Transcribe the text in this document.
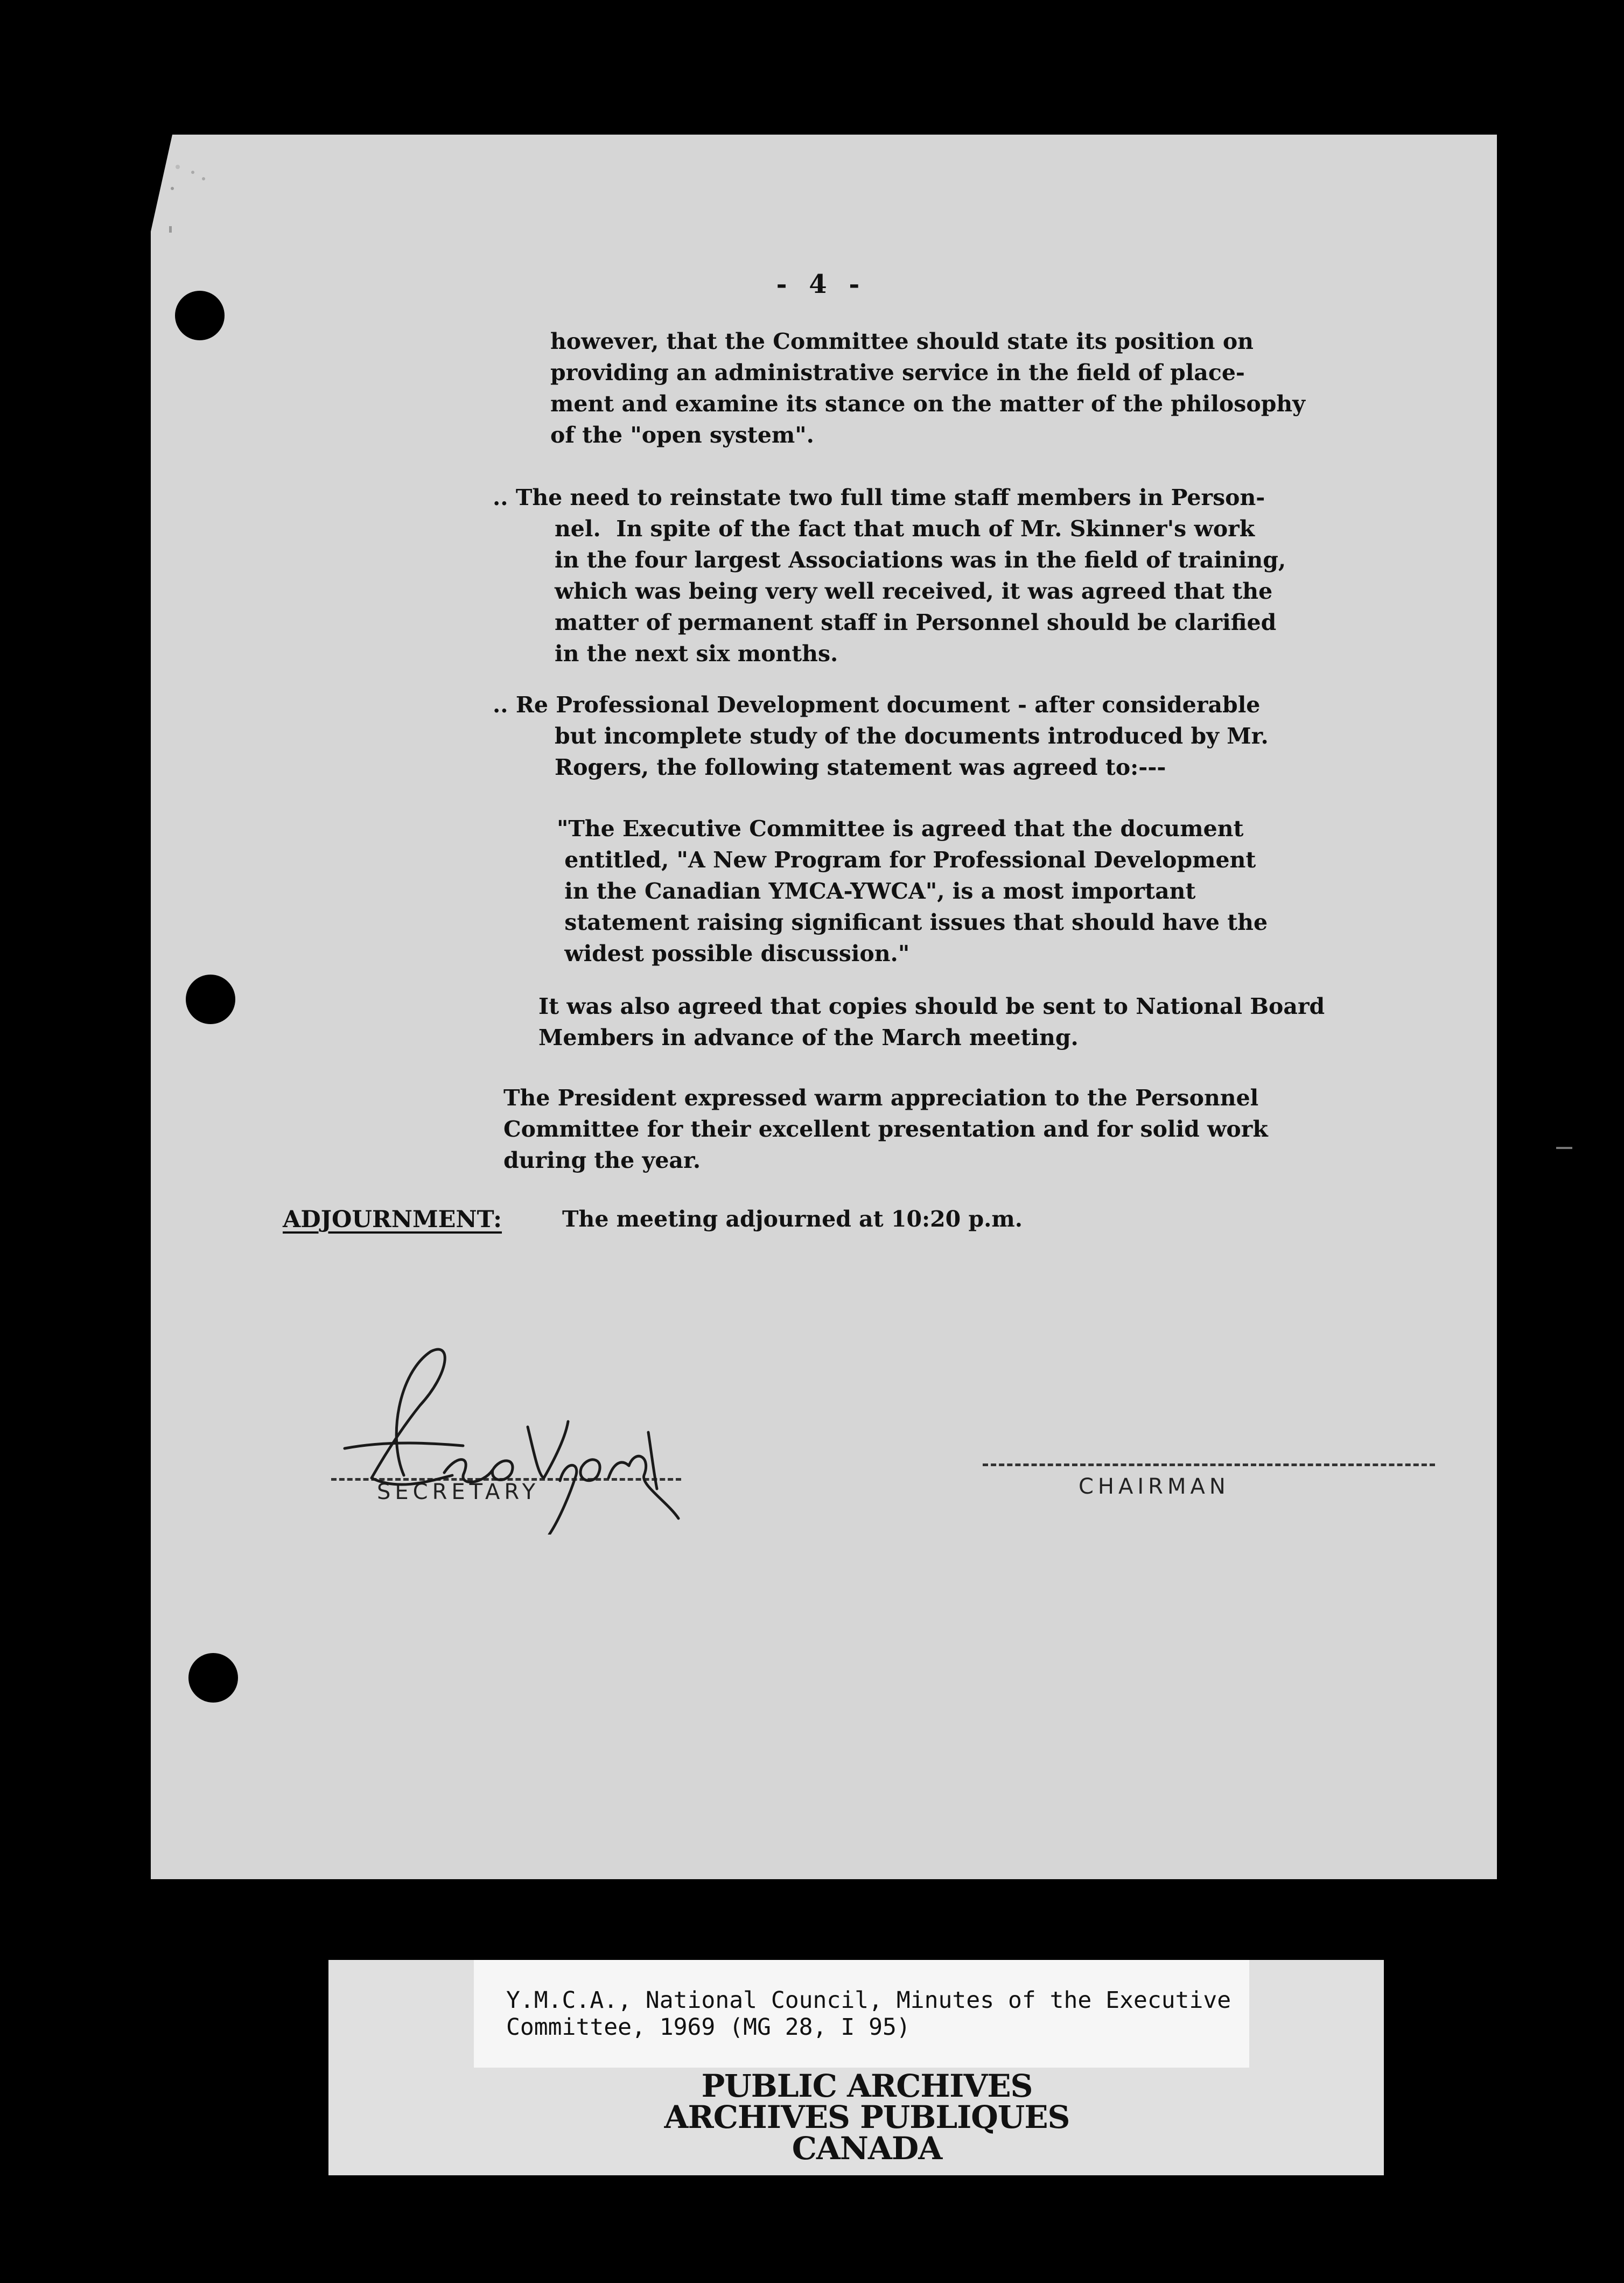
- 4 -

however, that the Committee should state its position on
providing an administrative service in the field of place-
ment and examine its stance on the matter of the philosophy
of the "open system".

.. The need to reinstate two full time staff members in Person-

nel.  In spite of the fact that much of Mr. Skinner's work
in the four largest Associations was in the field of training,
which was being very well received, it was agreed that the
matter of permanent staff in Personnel should be clarified
in the next six months.

.. Re Professional Development document - after considerable

but incomplete study of the documents introduced by Mr.
Rogers, the following statement was agreed to:---

"The Executive Committee is agreed that the document
entitled, "A New Program for Professional Development
in the Canadian YMCA-YWCA", is a most important
statement raising significant issues that should have the
widest possible discussion."

It was also agreed that copies should be sent to National Board
Members in advance of the March meeting.

The President expressed warm appreciation to the Personnel
Committee for their excellent presentation and for solid work
during the year.

ADJOURNMENT:	The meeting adjourned at 10:20 p.m.
SECRETARY	CHAIRMAN

Y.M.C.A., National Council, Minutes of the Executive
Committee, 1969 (MG 28, I 95)

PUBLIC ARCHIVES
ARCHIVES PUBLIQUES
CANADA
